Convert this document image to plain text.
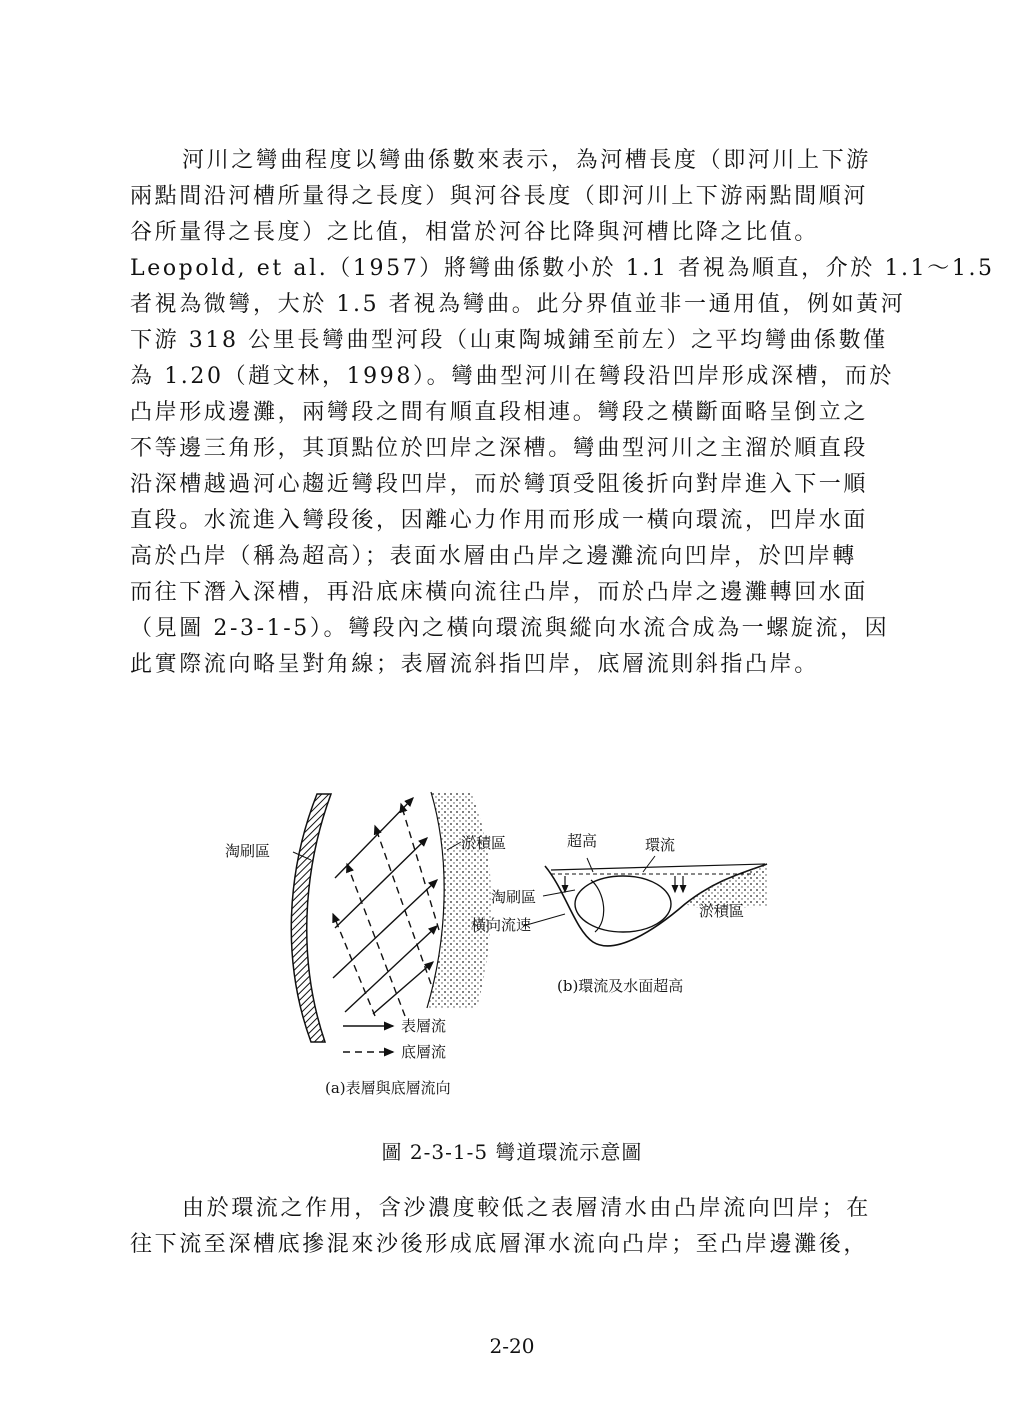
河川之彎曲程度以彎曲係數來表示，為河槽長度（即河川上下游
兩點間沿河槽所量得之長度）與河谷長度（即河川上下游兩點間順河
谷所量得之長度）之比值，相當於河谷比降與河槽比降之比值。
Leopold, et al.（1957）將彎曲係數小於 1.1 者視為順直，介於 1.1～1.5
者視為微彎，大於 1.5 者視為彎曲。此分界值並非一通用值，例如黃河
下游 318 公里長彎曲型河段（山東陶城鋪至前左）之平均彎曲係數僅
為 1.20（趙文林，1998）。彎曲型河川在彎段沿凹岸形成深槽，而於
凸岸形成邊灘，兩彎段之間有順直段相連。彎段之橫斷面略呈倒立之
不等邊三角形，其頂點位於凹岸之深槽。彎曲型河川之主溜於順直段
沿深槽越過河心趨近彎段凹岸，而於彎頂受阻後折向對岸進入下一順
直段。水流進入彎段後，因離心力作用而形成一橫向環流，凹岸水面
高於凸岸（稱為超高）；表面水層由凸岸之邊灘流向凹岸，於凹岸轉
而往下潛入深槽，再沿底床橫向流往凸岸，而於凸岸之邊灘轉回水面
（見圖 2-3-1-5）。彎段內之橫向環流與縱向水流合成為一螺旋流，因
此實際流向略呈對角線；表層流斜指凹岸，底層流則斜指凸岸。
淘刷區	淤積區
表層流
底層流
(a)表層與底層流向
超高	環流
淘刷區
橫向流速
淤積區
(b)環流及水面超高
圖 2-3-1-5 彎道環流示意圖
由於環流之作用，含沙濃度較低之表層清水由凸岸流向凹岸；在
往下流至深槽底摻混來沙後形成底層渾水流向凸岸；至凸岸邊灘後，
2-20
